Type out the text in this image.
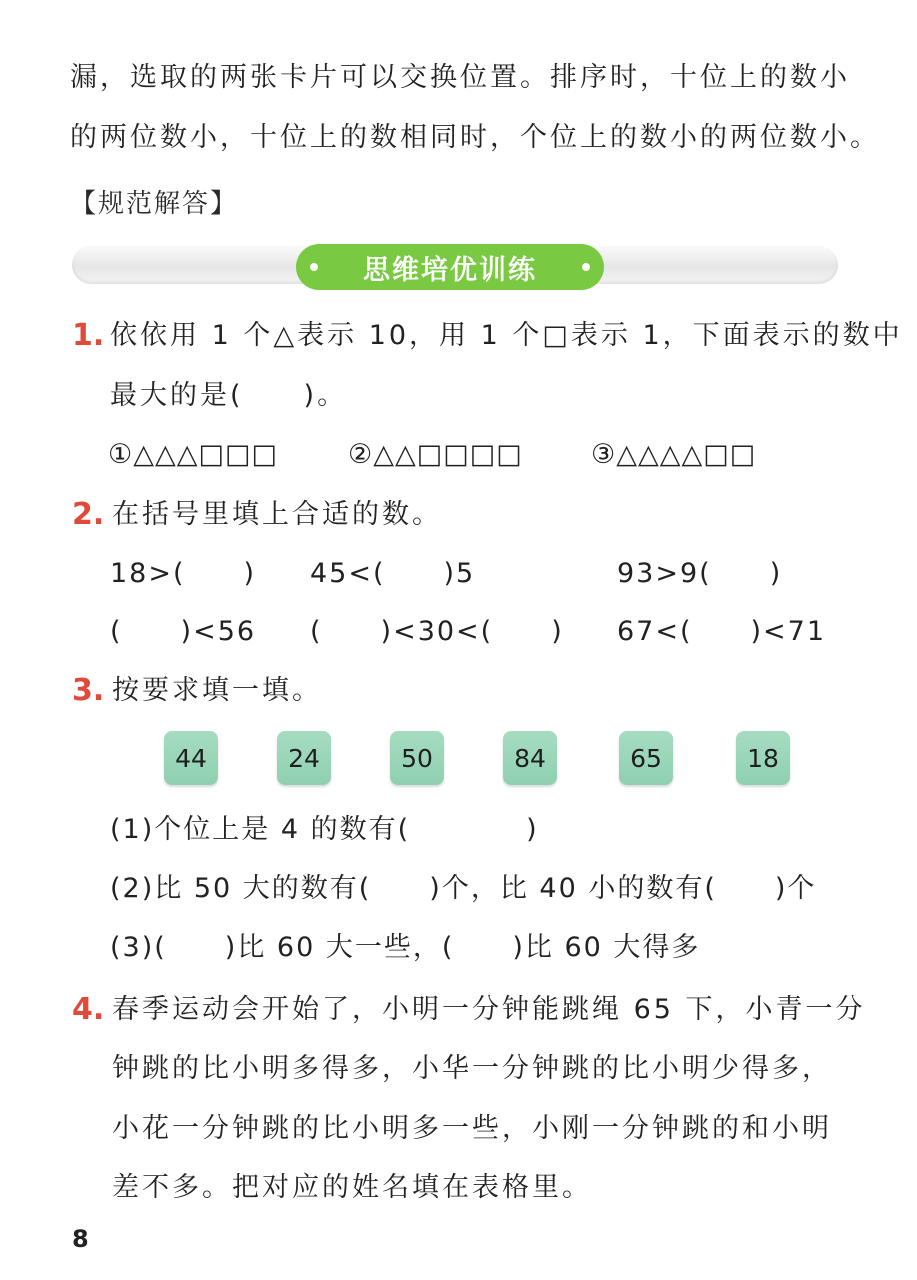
漏，选取的两张卡片可以交换位置。排序时，十位上的数小
的两位数小，十位上的数相同时，个位上的数小的两位数小。
【规范解答】
思维培优训练
1. 依依用 1 个△表示 10，用 1 个□表示 1，下面表示的数中
最大的是(　　)。
①△△△□□□	②△△□□□□	③△△△△□□
2. 在括号里填上合适的数。
18>(　　) 45<(　　)5	93>9(　　)
(　　)<56 (　　)<30<(　　) 67<(　　)<71
3. 按要求填一填。
44	24	50	84	65	18
(1)个位上是 4 的数有(　　　　)
(2)比 50 大的数有(　　)个，比 40 小的数有(　　)个
(3)(　　)比 60 大一些，(　　)比 60 大得多
4. 春季运动会开始了，小明一分钟能跳绳 65 下，小青一分
钟跳的比小明多得多，小华一分钟跳的比小明少得多，
小花一分钟跳的比小明多一些，小刚一分钟跳的和小明
差不多。把对应的姓名填在表格里。
8
